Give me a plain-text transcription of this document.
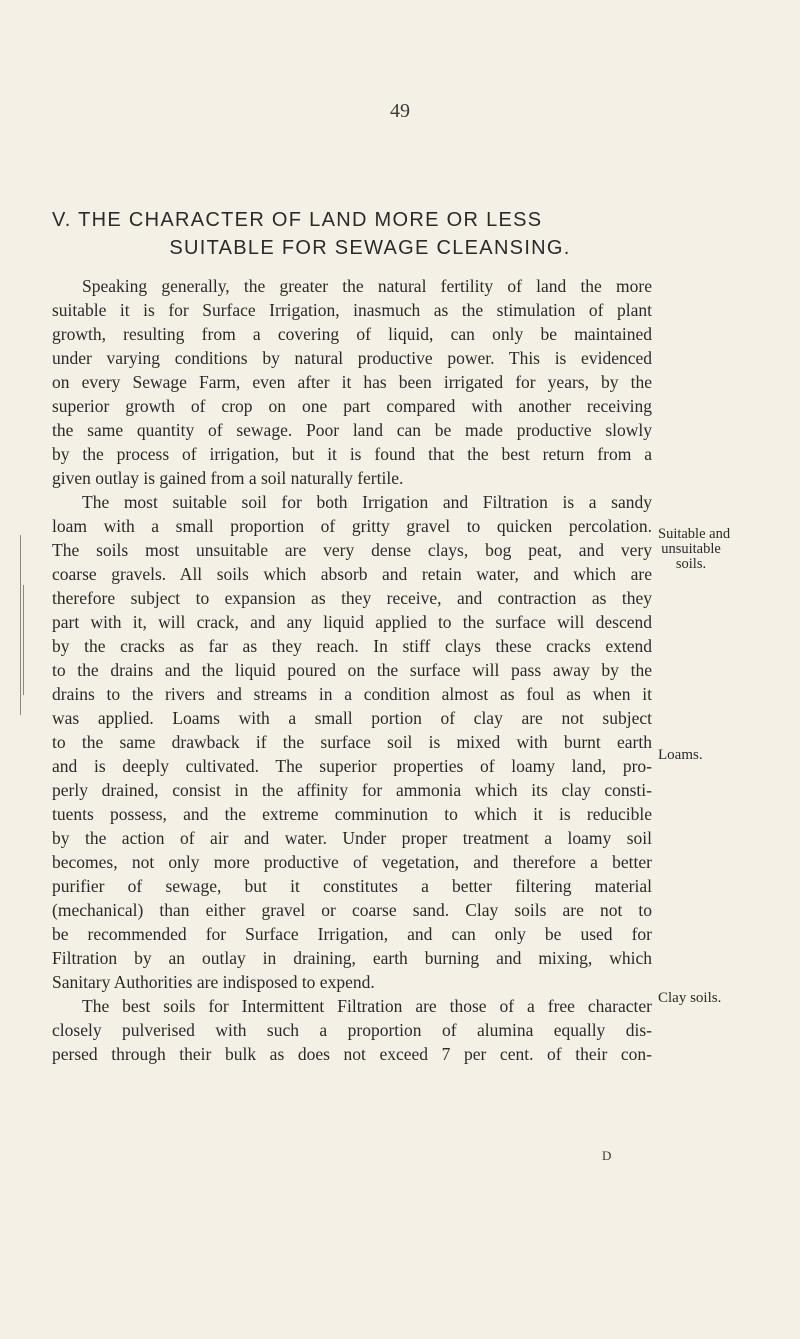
49
V. THE CHARACTER OF LAND MORE OR LESS
SUITABLE FOR SEWAGE CLEANSING.
Speaking generally, the greater the natural fertility of land the more
suitable it is for Surface Irrigation, inasmuch as the stimulation of plant
growth, resulting from a covering of liquid, can only be maintained
under varying conditions by natural productive power. This is evidenced
on every Sewage Farm, even after it has been irrigated for years, by the
superior growth of crop on one part compared with another receiving
the same quantity of sewage. Poor land can be made productive slowly
by the process of irrigation, but it is found that the best return from a
given outlay is gained from a soil naturally fertile.
The most suitable soil for both Irrigation and Filtration is a sandy
loam with a small proportion of gritty gravel to quicken percolation.
The soils most unsuitable are very dense clays, bog peat, and very
coarse gravels. All soils which absorb and retain water, and which are
therefore subject to expansion as they receive, and contraction as they
part with it, will crack, and any liquid applied to the surface will descend
by the cracks as far as they reach. In stiff clays these cracks extend
to the drains and the liquid poured on the surface will pass away by the
drains to the rivers and streams in a condition almost as foul as when it
was applied. Loams with a small portion of clay are not subject
to the same drawback if the surface soil is mixed with burnt earth
and is deeply cultivated. The superior properties of loamy land, pro-
perly drained, consist in the affinity for ammonia which its clay consti-
tuents possess, and the extreme comminution to which it is reducible
by the action of air and water. Under proper treatment a loamy soil
becomes, not only more productive of vegetation, and therefore a better
purifier of sewage, but it constitutes a better filtering material
(mechanical) than either gravel or coarse sand. Clay soils are not to
be recommended for Surface Irrigation, and can only be used for
Filtration by an outlay in draining, earth burning and mixing, which
Sanitary Authorities are indisposed to expend.
The best soils for Intermittent Filtration are those of a free character
closely pulverised with such a proportion of alumina equally dis-
persed through their bulk as does not exceed 7 per cent. of their con-
Suitable and
unsuitable
soils.
Loams.
Clay soils.
D
